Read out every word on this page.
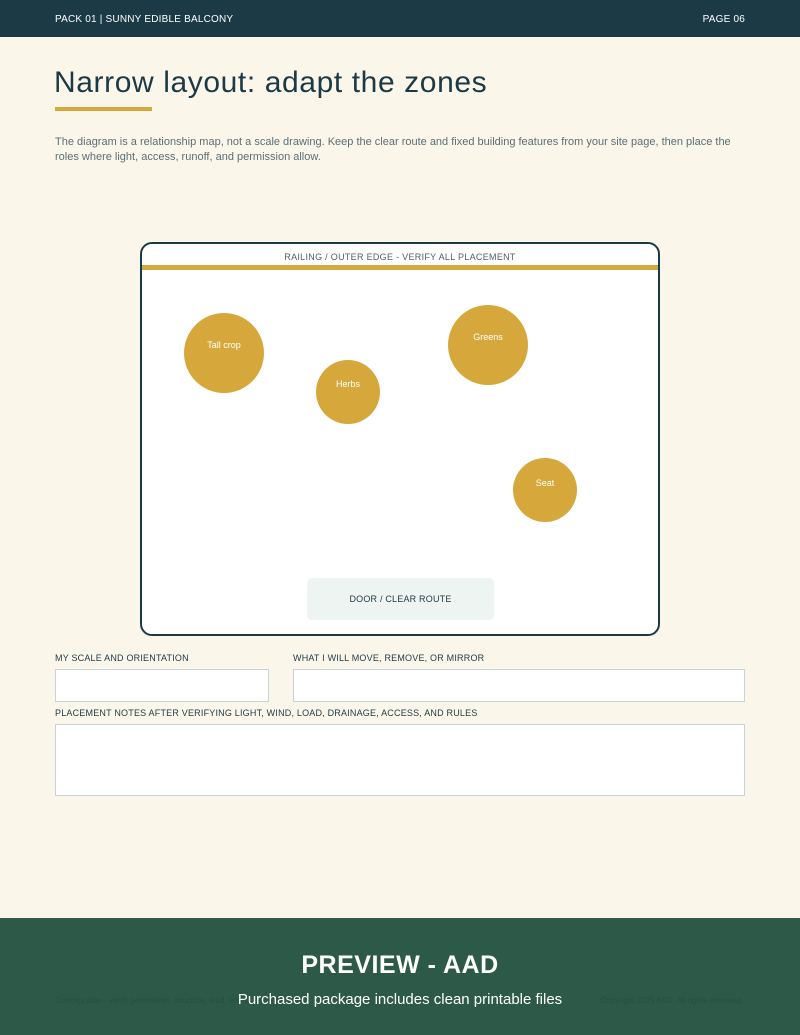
PACK 01 | SUNNY EDIBLE BALCONY	PAGE 06
Narrow layout: adapt the zones

The diagram is a relationship map, not a scale drawing. Keep the clear route and fixed building features from your site page, then place the roles where light, access, runoff, and permission allow.

RAILING / OUTER EDGE - VERIFY ALL PLACEMENT
Tall crop
Herbs
Greens
Seat
DOOR / CLEAR ROUTE
MY SCALE AND ORIENTATION	WHAT I WILL MOVE, REMOVE, OR MIRROR
PLACEMENT NOTES AFTER VERIFYING LIGHT, WIND, LOAD, DRAINAGE, ACCESS, AND RULES
Concept plan - verify permission, structure, load, and access	Copyright 2025 AAD. All rights reserved.
PREVIEW - AAD
Purchased package includes clean printable files
